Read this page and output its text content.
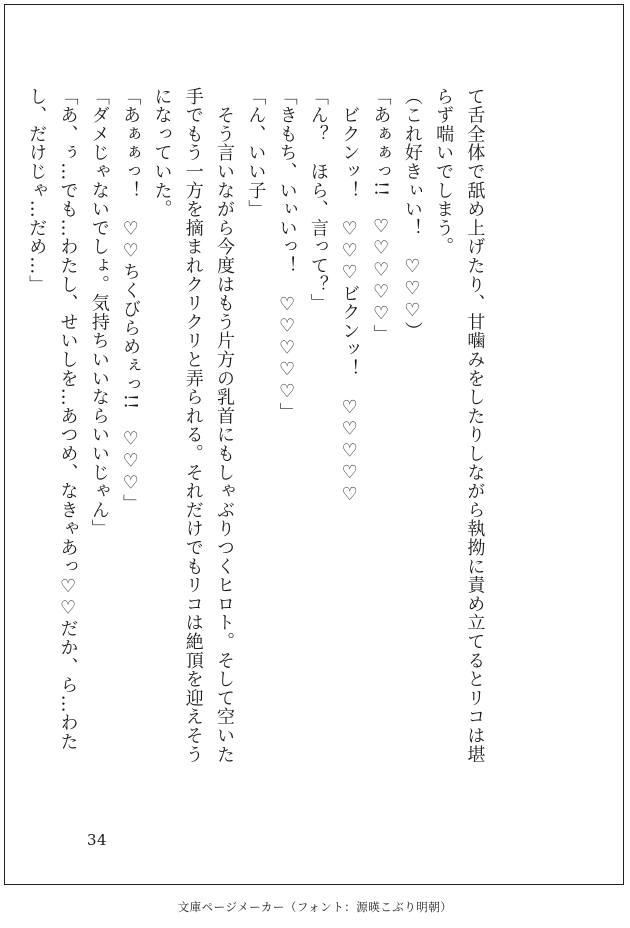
て舌全体で舐め上げたり、甘噛みをしたりしながら執拗に責め立てるとリコは堪
らず喘いでしまう。
（これ好きぃい！　♡♡♡）
「あぁぁっ!!　♡♡♡♡♡」
　ビクンッ！　♡♡♡ビクンッ！　♡♡♡♡♡
「ん？　ほら、言って？」
「きもち、いぃいっ！　♡♡♡♡♡」
「ん、いい子」
　そう言いながら今度はもう片方の乳首にもしゃぶりつくヒロト。そして空いた
手でもう一方を摘まれクリクリと弄られる。それだけでもリコは絶頂を迎えそう
になっていた。
「あぁぁっ！　♡♡ちくびらめぇっ!!　♡♡♡」
「ダメじゃないでしょ。気持ちいいならいいじゃん」
「あ、ぅ…でも…わたし、せいしを…あつめ、なきゃあっ♡♡だか、ら…わた
し、だけじゃ…だめ…」

34
文庫ページメーカー（フォント：源暎こぶり明朝）
